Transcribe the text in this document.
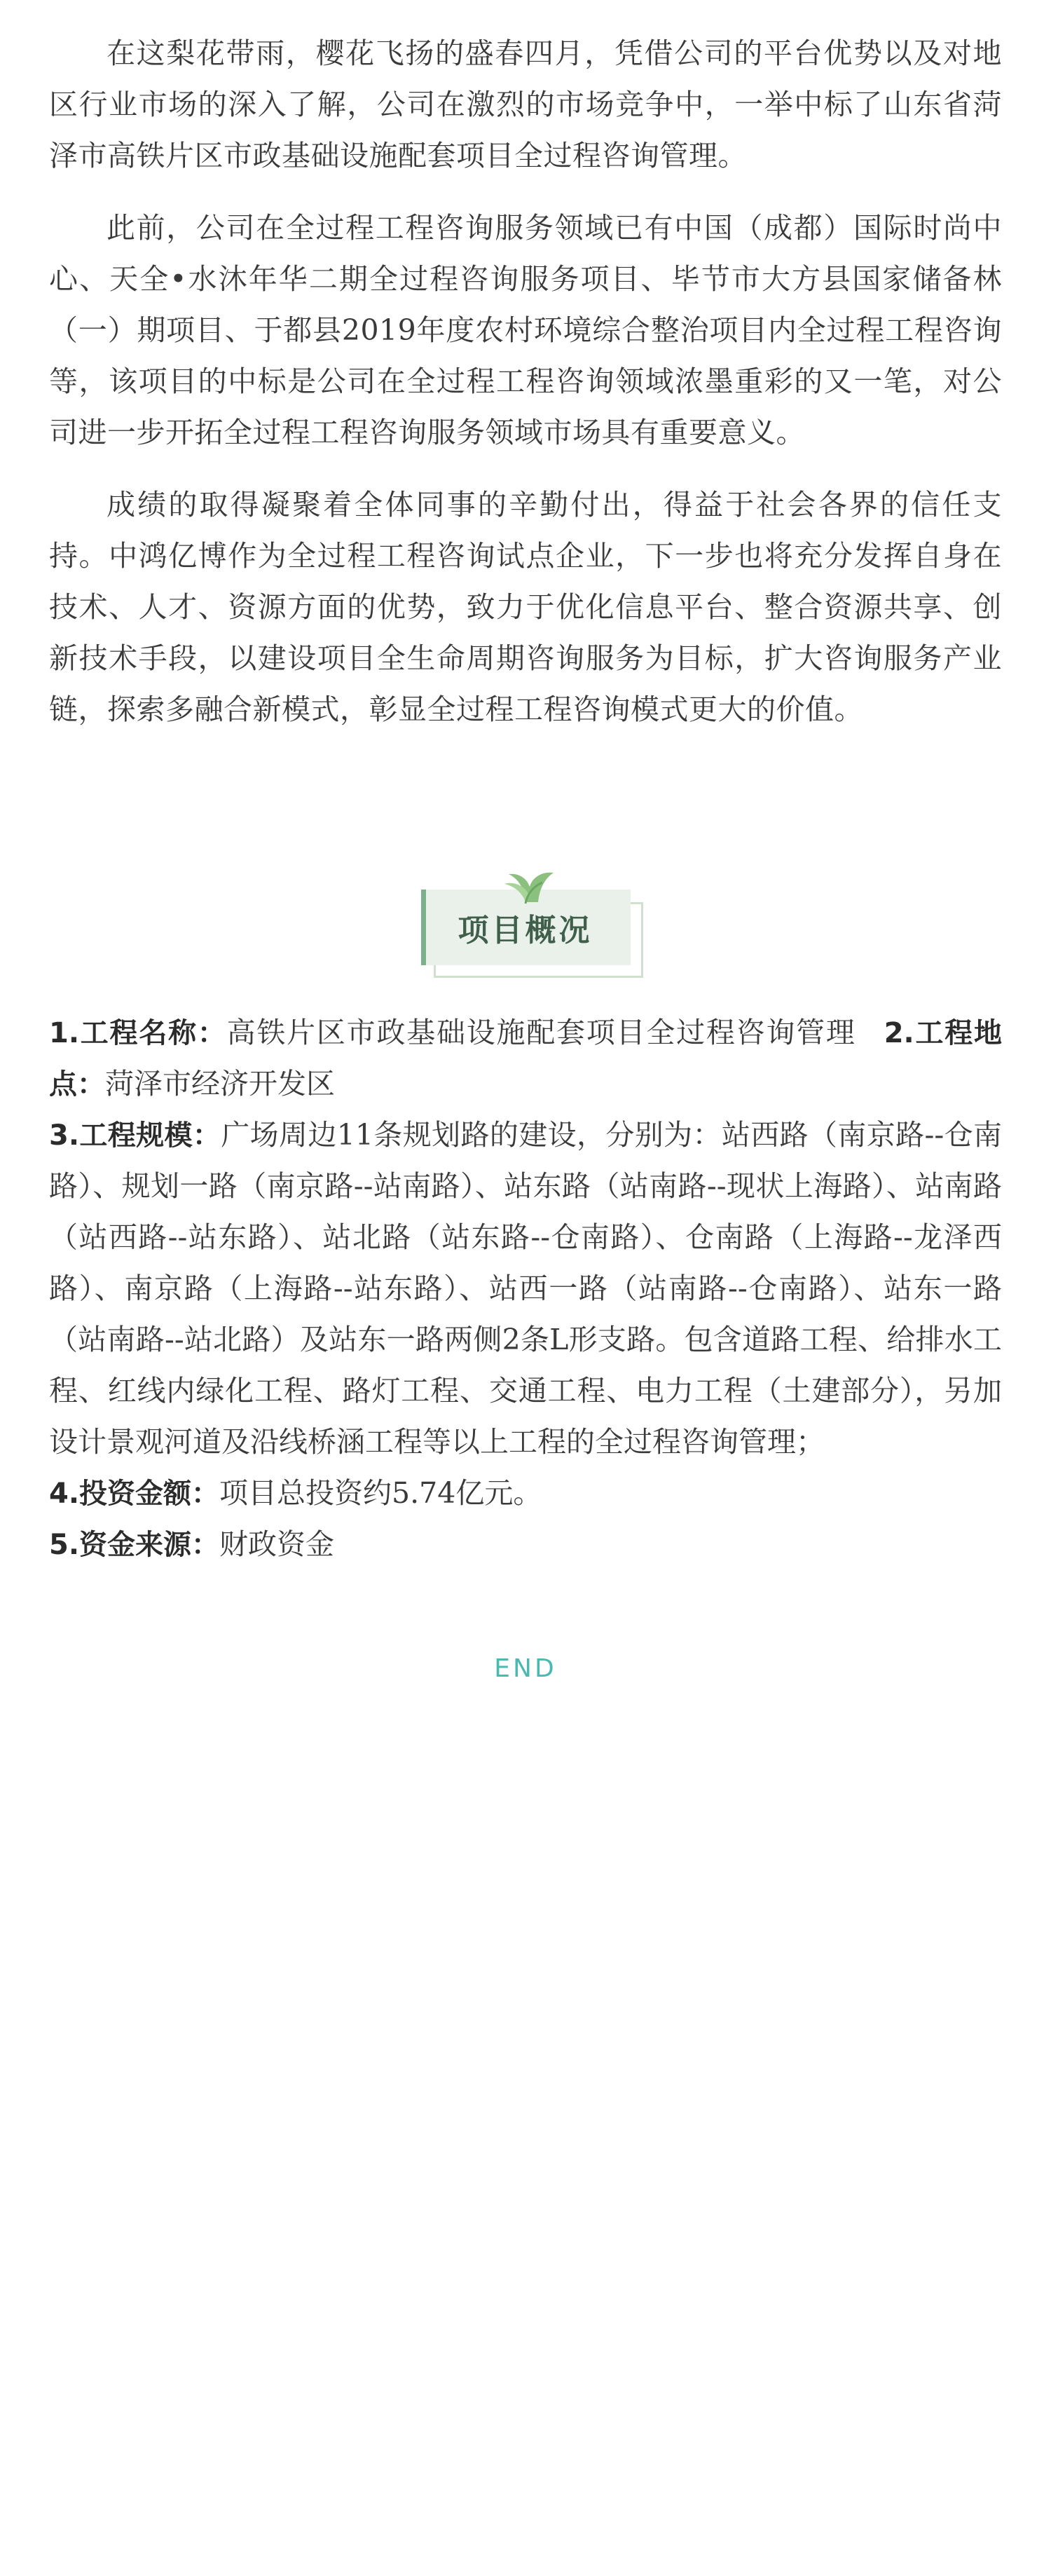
在这梨花带雨，樱花飞扬的盛春四月，凭借公司的平台优势以及对地区行业市场的深入了解，公司在激烈的市场竞争中，一举中标了山东省菏泽市高铁片区市政基础设施配套项目全过程咨询管理。

此前，公司在全过程工程咨询服务领域已有中国（成都）国际时尚中心、天全•水沐年华二期全过程咨询服务项目、毕节市大方县国家储备林（一）期项目、于都县2019年度农村环境综合整治项目内全过程工程咨询等，该项目的中标是公司在全过程工程咨询领域浓墨重彩的又一笔，对公司进一步开拓全过程工程咨询服务领域市场具有重要意义。

成绩的取得凝聚着全体同事的辛勤付出，得益于社会各界的信任支持。中鸿亿博作为全过程工程咨询试点企业，下一步也将充分发挥自身在技术、人才、资源方面的优势，致力于优化信息平台、整合资源共享、创新技术手段，以建设项目全生命周期咨询服务为目标，扩大咨询服务产业链，探索多融合新模式，彰显全过程工程咨询模式更大的价值。

项目概况

1.工程名称：高铁片区市政基础设施配套项目全过程咨询管理 2.工程地点：菏泽市经济开发区

3.工程规模：广场周边11条规划路的建设，分别为：站西路（南京路--仓南路）、规划一路（南京路--站南路）、站东路（站南路--现状上海路）、站南路（站西路--站东路）、站北路（站东路--仓南路）、仓南路（上海路--龙泽西路）、南京路（上海路--站东路）、站西一路（站南路--仓南路）、站东一路（站南路--站北路）及站东一路两侧2条L形支路。包含道路工程、给排水工程、红线内绿化工程、路灯工程、交通工程、电力工程（土建部分），另加设计景观河道及沿线桥涵工程等以上工程的全过程咨询管理；

4.投资金额：项目总投资约5.74亿元。

5.资金来源：财政资金

END
